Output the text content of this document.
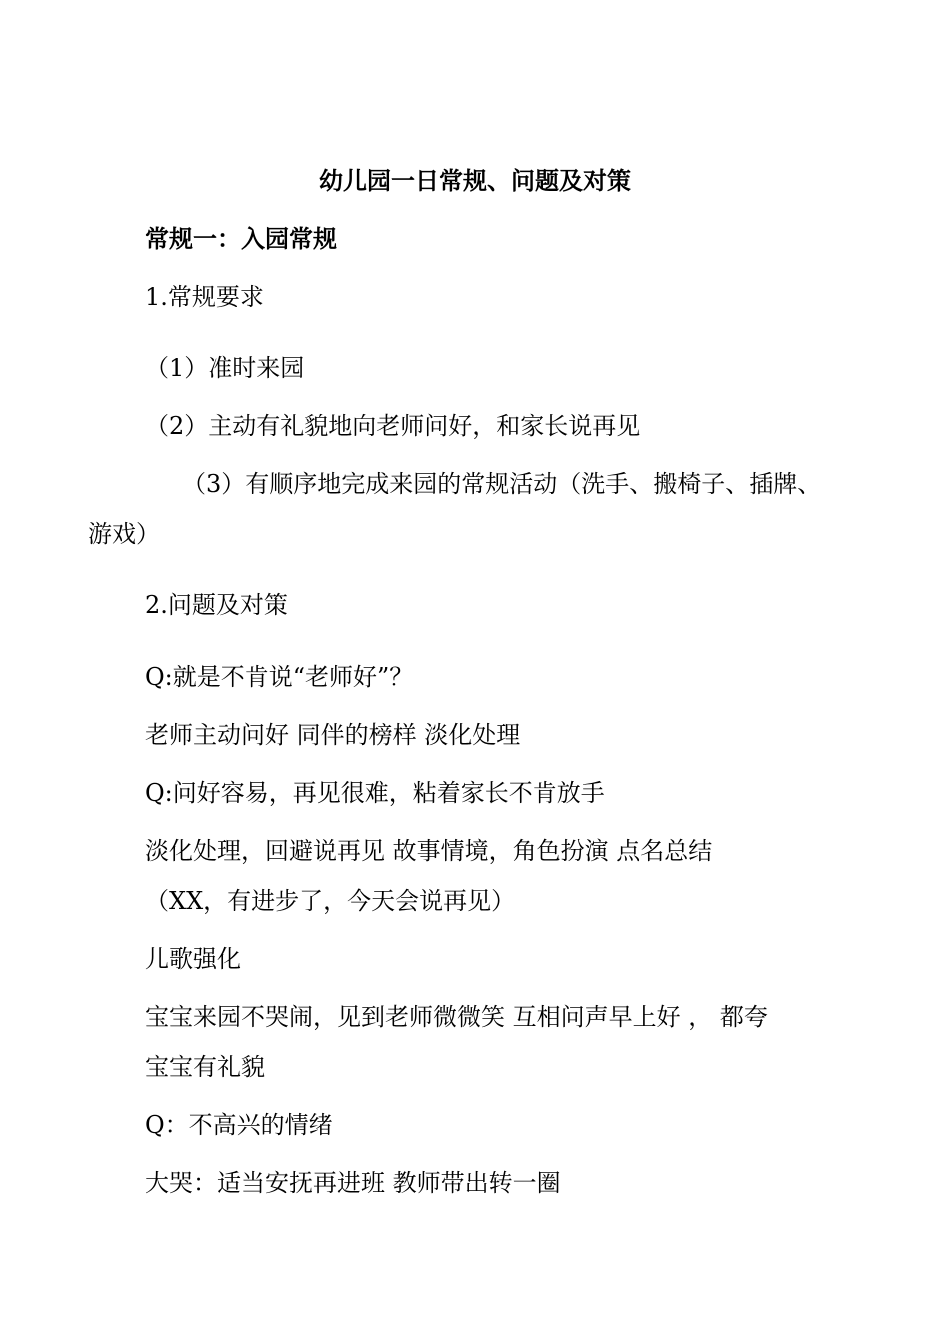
幼儿园一日常规、问题及对策
常规一：入园常规
1.常规要求
（1）准时来园
（2）主动有礼貌地向老师问好，和家长说再见
（3）有顺序地完成来园的常规活动（洗手、搬椅子、插牌、
游戏）
2.问题及对策
Q:就是不肯说“老师好”？
老师主动问好 同伴的榜样 淡化处理
Q:问好容易，再见很难，粘着家长不肯放手
淡化处理，回避说再见 故事情境，角色扮演 点名总结
（XX，有进步了，今天会说再见）
儿歌强化
宝宝来园不哭闹，见到老师微微笑 互相问声早上好 ， 都夸
宝宝有礼貌
Q：不高兴的情绪
大哭：适当安抚再进班 教师带出转一圈
